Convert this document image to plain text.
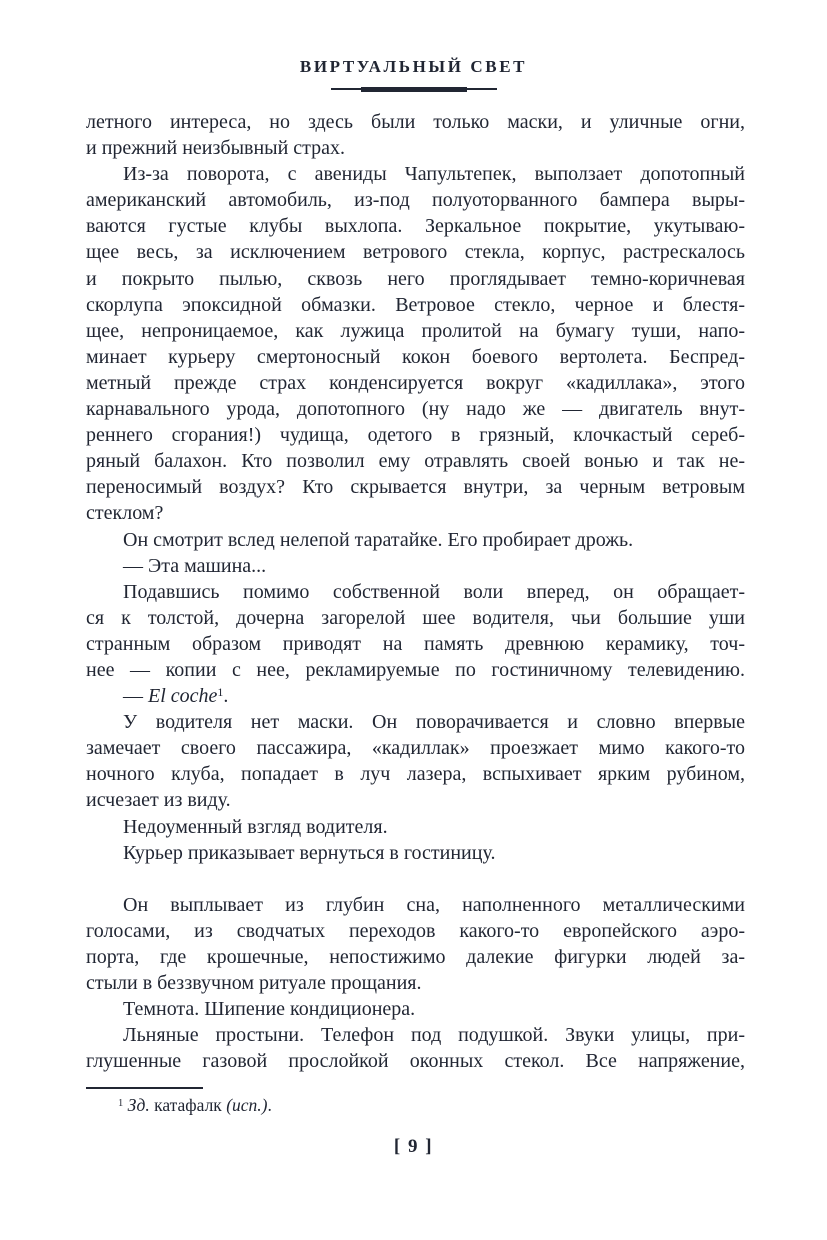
ВИРТУАЛЬНЫЙ СВЕТ
летного интереса, но здесь были только маски, и уличные огни,
и прежний неизбывный страх.
Из-за поворота, с авениды Чапультепек, выползает допотопный
американский автомобиль, из-под полуоторванного бампера выры-
ваются густые клубы выхлопа. Зеркальное покрытие, укутываю-
щее весь, за исключением ветрового стекла, корпус, растрескалось
и покрыто пылью, сквозь него проглядывает темно-коричневая
скорлупа эпоксидной обмазки. Ветровое стекло, черное и блестя-
щее, непроницаемое, как лужица пролитой на бумагу туши, напо-
минает курьеру смертоносный кокон боевого вертолета. Беспред-
метный прежде страх конденсируется вокруг «кадиллака», этого
карнавального урода, допотопного (ну надо же — двигатель внут-
реннего сгорания!) чудища, одетого в грязный, клочкастый сереб-
ряный балахон. Кто позволил ему отравлять своей вонью и так не-
переносимый воздух? Кто скрывается внутри, за черным ветровым
стеклом?
Он смотрит вслед нелепой таратайке. Его пробирает дрожь.
— Эта машина...
Подавшись помимо собственной воли вперед, он обращает-
ся к толстой, дочерна загорелой шее водителя, чьи большие уши
странным образом приводят на память древнюю керамику, точ-
нее — копии с нее, рекламируемые по гостиничному телевидению.
— El coche$^1$.
У водителя нет маски. Он поворачивается и словно впервые
замечает своего пассажира, «кадиллак» проезжает мимо какого-то
ночного клуба, попадает в луч лазера, вспыхивает ярким рубином,
исчезает из виду.
Недоуменный взгляд водителя.
Курьер приказывает вернуться в гостиницу.
Он выплывает из глубин сна, наполненного металлическими
голосами, из сводчатых переходов какого-то европейского аэро-
порта, где крошечные, непостижимо далекие фигурки людей за-
стыли в беззвучном ритуале прощания.
Темнота. Шипение кондиционера.
Льняные простыни. Телефон под подушкой. Звуки улицы, при-
глушенные газовой прослойкой оконных стекол. Все напряжение,
$^1$ Зд. катафалк (исп.).
[ 9 ]
